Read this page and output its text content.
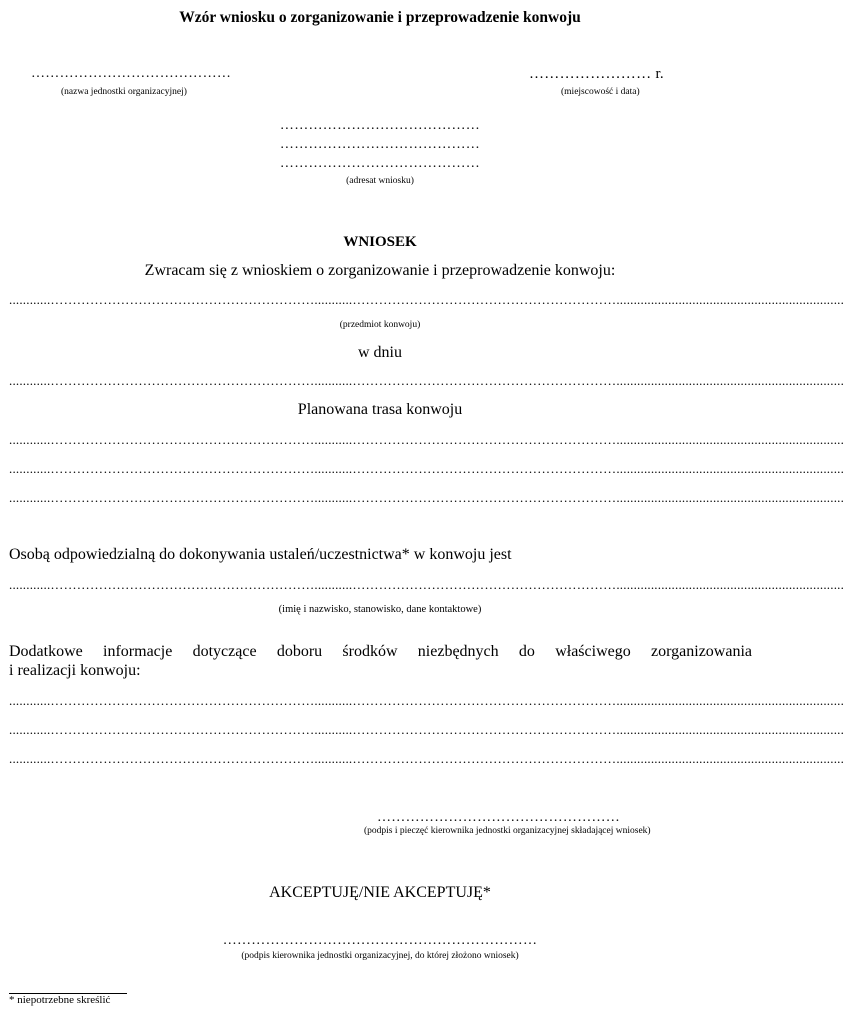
Wzór wniosku o zorganizowanie i przeprowadzenie konwoju
……………………………………
(nazwa jednostki organizacyjnej)
…………………… r.
(miejscowość i data)
……………………………………
……………………………………
……………………………………
(adresat wniosku)
WNIOSEK
Zwracam się z wnioskiem o zorganizowanie i przeprowadzenie konwoju:
............……………………………………………………...........……………………………………………………..................................................................
(przedmiot konwoju)
w dniu
............……………………………………………………...........……………………………………………………..................................................................
Planowana trasa konwoju
............……………………………………………………...........……………………………………………………..................................................................
............……………………………………………………...........……………………………………………………..................................................................
............……………………………………………………...........……………………………………………………..................................................................
Osobą odpowiedzialną do dokonywania ustaleń/uczestnictwa* w konwoju jest
............……………………………………………………...........……………………………………………………..................................................................
(imię i nazwisko, stanowisko, dane kontaktowe)
Dodatkowe informacje dotyczące doboru środków niezbędnych do właściwego zorganizowania
i realizacji konwoju:
............……………………………………………………...........……………………………………………………..................................................................
............……………………………………………………...........……………………………………………………..................................................................
............……………………………………………………...........……………………………………………………..................................................................
……………………………………………
(podpis i pieczęć kierownika jednostki organizacyjnej składającej wniosek)
AKCEPTUJĘ/NIE AKCEPTUJĘ*
…………………………………………………………
(podpis kierownika jednostki organizacyjnej, do której złożono wniosek)
* niepotrzebne skreślić
